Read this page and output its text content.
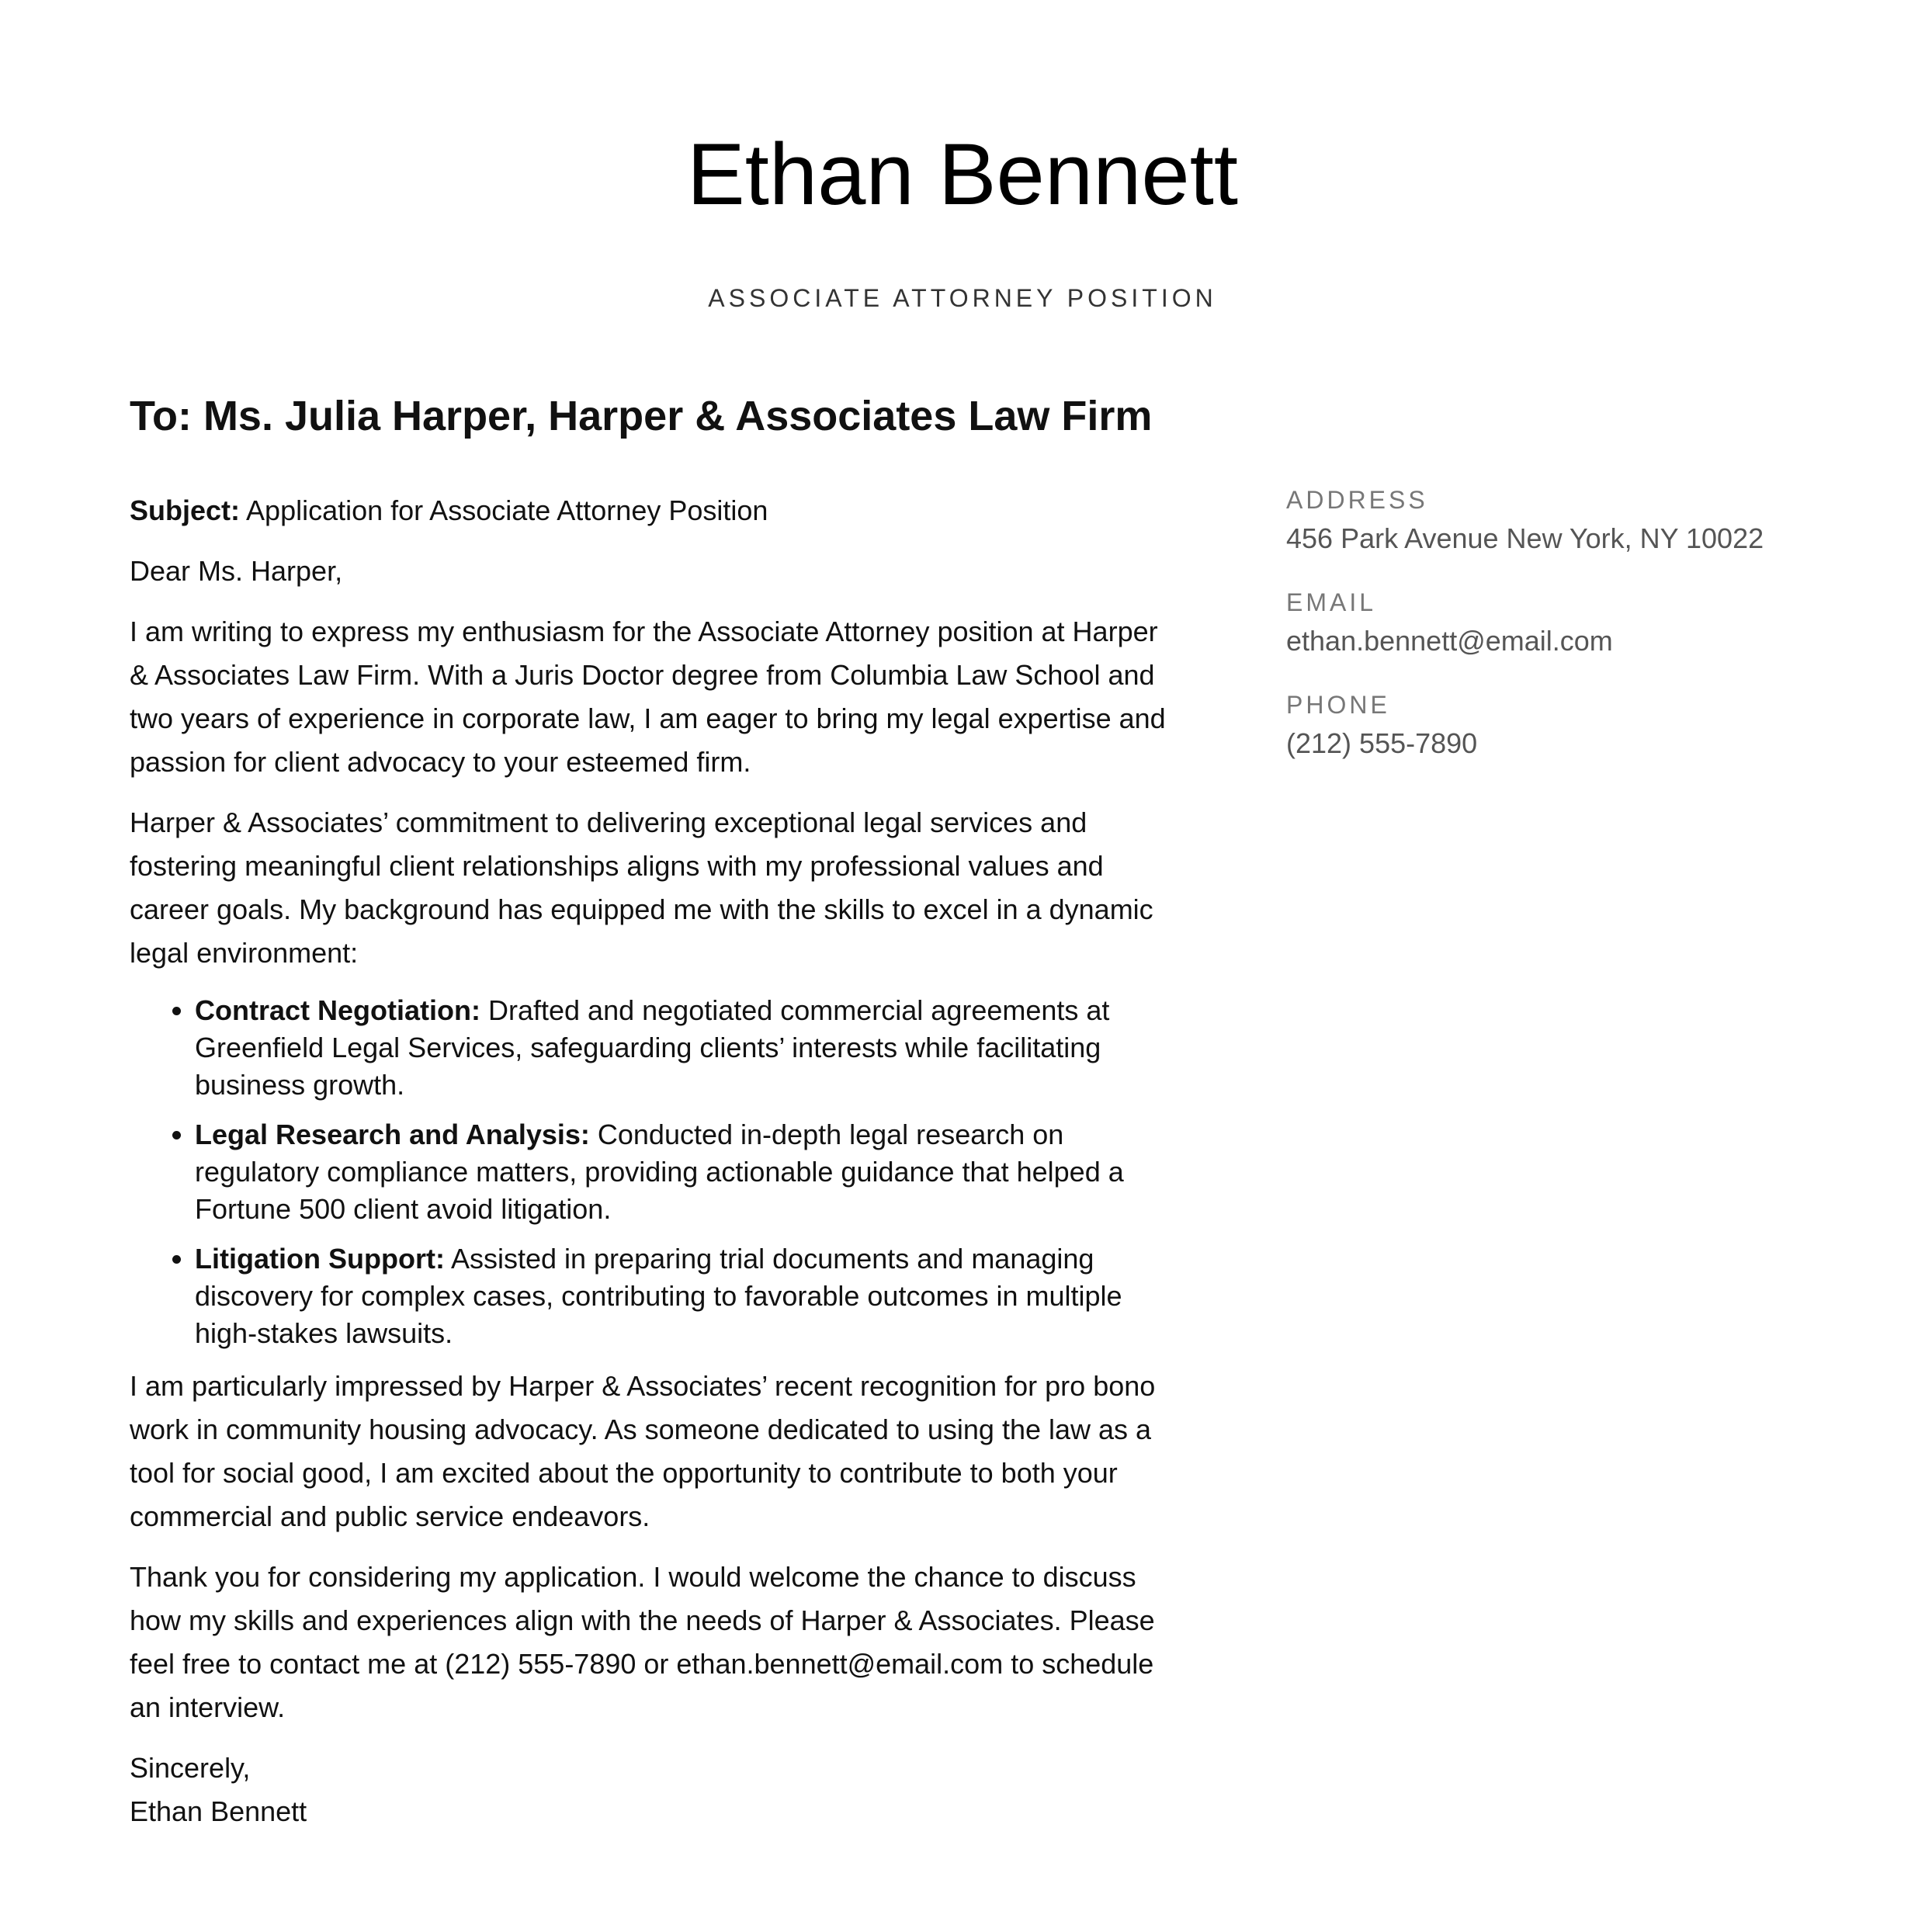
Ethan Bennett
ASSOCIATE ATTORNEY POSITION
To: Ms. Julia Harper, Harper & Associates Law Firm

Subject: Application for Associate Attorney Position

Dear Ms. Harper,

I am writing to express my enthusiasm for the Associate Attorney position at Harper & Associates Law Firm. With a Juris Doctor degree from Columbia Law School and two years of experience in corporate law, I am eager to bring my legal expertise and passion for client advocacy to your esteemed firm.

Harper & Associates’ commitment to delivering exceptional legal services and fostering meaningful client relationships aligns with my professional values and career goals. My background has equipped me with the skills to excel in a dynamic legal environment:

• Contract Negotiation: Drafted and negotiated commercial agreements at Greenfield Legal Services, safeguarding clients’ interests while facilitating business growth.
• Legal Research and Analysis: Conducted in-depth legal research on regulatory compliance matters, providing actionable guidance that helped a Fortune 500 client avoid litigation.
• Litigation Support: Assisted in preparing trial documents and managing discovery for complex cases, contributing to favorable outcomes in multiple high-stakes lawsuits.

I am particularly impressed by Harper & Associates’ recent recognition for pro bono work in community housing advocacy. As someone dedicated to using the law as a tool for social good, I am excited about the opportunity to contribute to both your commercial and public service endeavors.

Thank you for considering my application. I would welcome the chance to discuss how my skills and experiences align with the needs of Harper & Associates. Please feel free to contact me at (212) 555-7890 or ethan.bennett@email.com to schedule an interview.

Sincerely,

Ethan Bennett

ADDRESS
456 Park Avenue New York, NY 10022
EMAIL
ethan.bennett@email.com
PHONE
(212) 555-7890
